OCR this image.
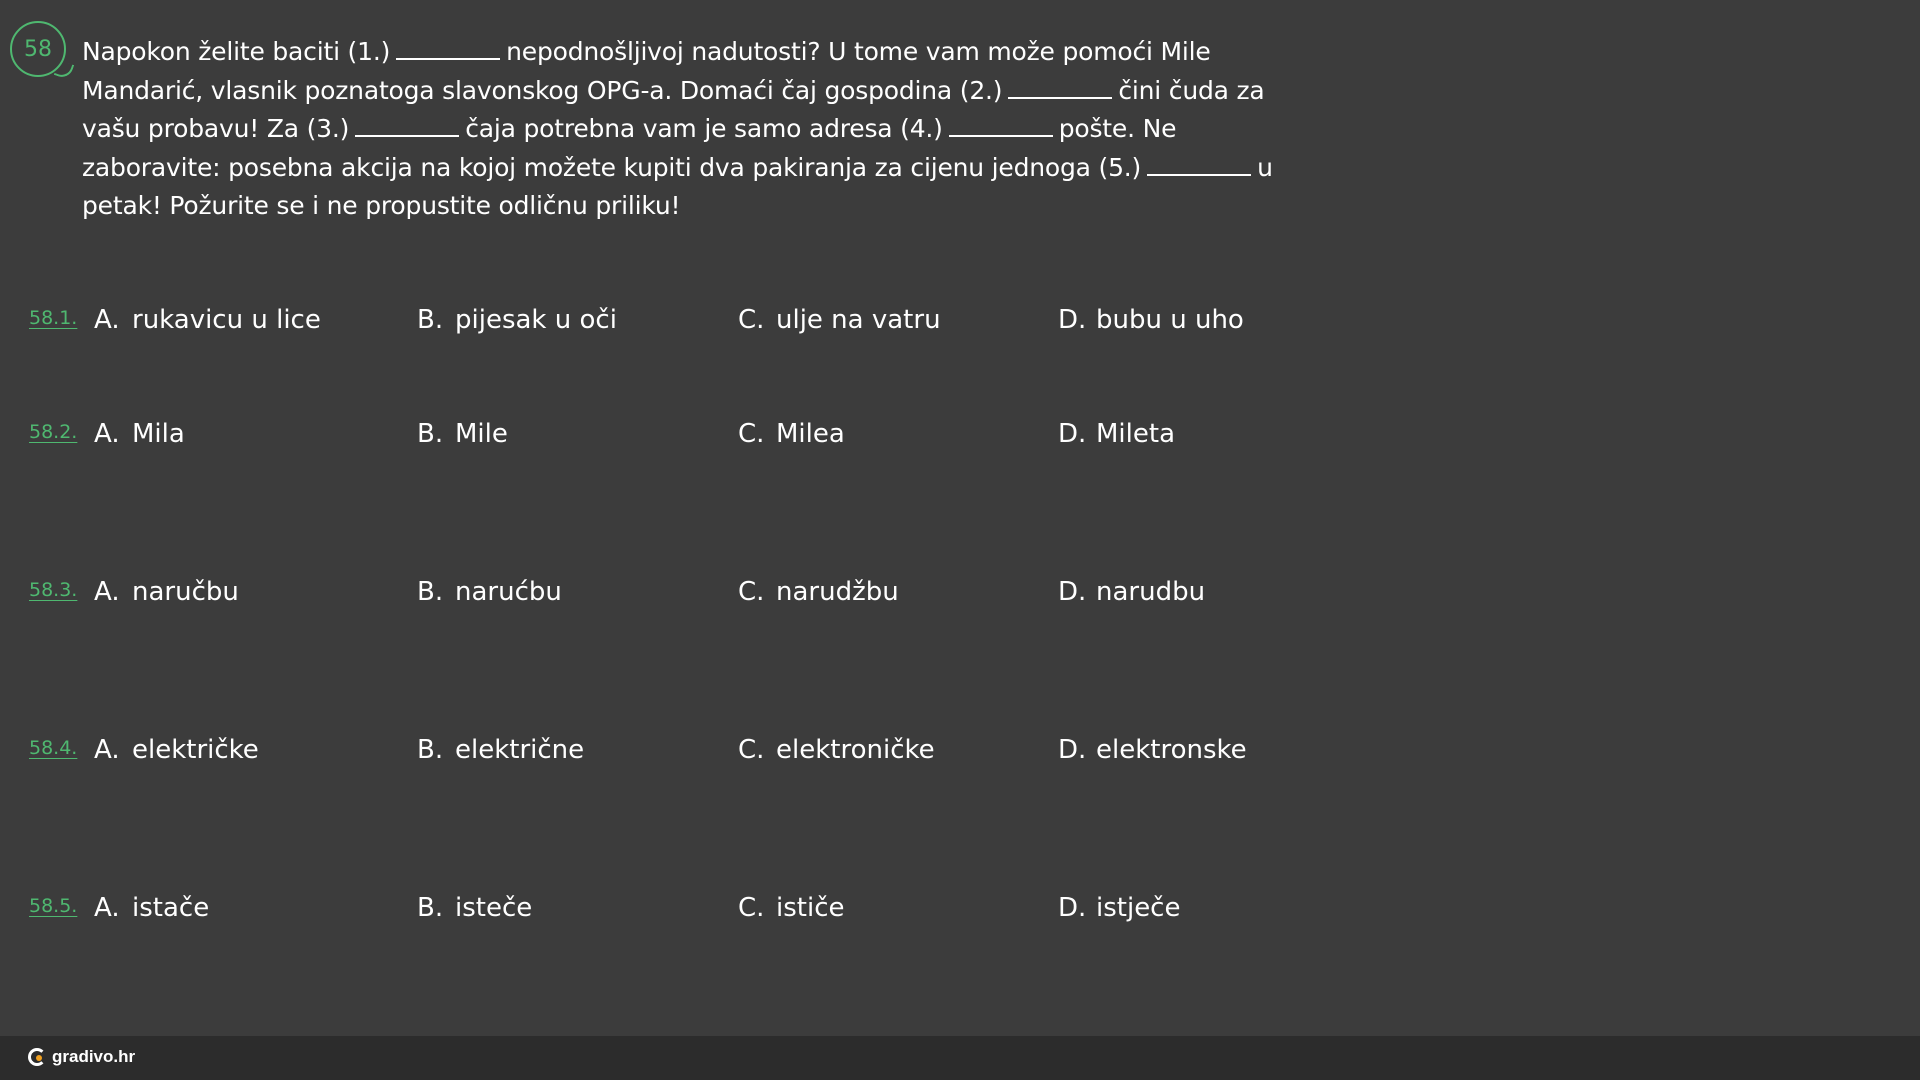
58 Napokon želite baciti (1.)	nepodnošljivoj nadutosti? U tome vam može pomoći Mile Mandarić, vlasnik poznatoga slavonskog OPG-a. Domaći čaj gospodina (2.)	čini čuda za vašu probavu! Za (3.)	čaja potrebna vam je samo adresa (4.)	pošte. Ne zaboravite: posebna akcija na kojoj možete kupiti dva pakiranja za cijenu jednoga (5.)	u petak! Požurite se i ne propustite odličnu priliku!

58.1. A. rukavicu u lice	B. pijesak u oči	C. ulje na vatru	D. bubu u uho
58.2. A. Mila	B. Mile	C. Milea	D. Mileta
58.3. A. naručbu	B. narućbu	C. narudžbu	D. narudbu
58.4. A. električke	B. električne	C. elektroničke	D. elektronske
58.5. A. istače	B. isteče	C. ističe	D. istječe
gradivo.hr
